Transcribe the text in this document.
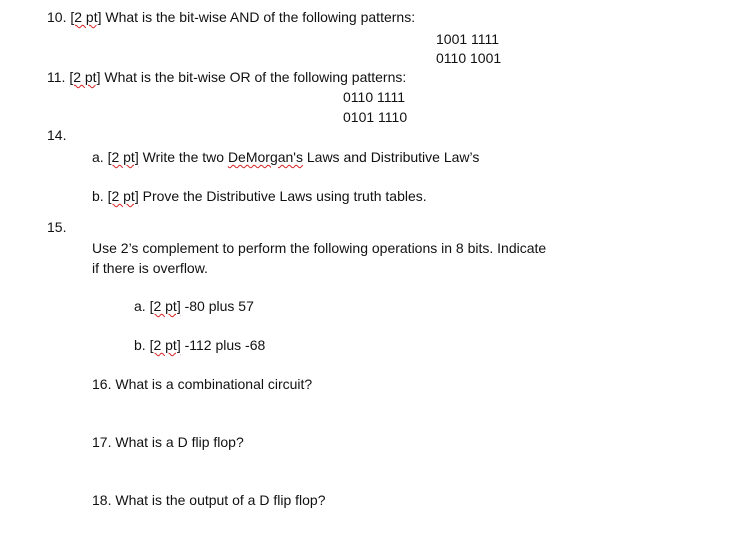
10. [2 pt] What is the bit-wise AND of the following patterns:
1001 1111
0110 1001
11. [2 pt] What is the bit-wise OR of the following patterns:
0110 1111
0101 1110
14.
a. [2 pt] Write the two DeMorgan's Laws and Distributive Law’s
b. [2 pt] Prove the Distributive Laws using truth tables.
15.
Use 2’s complement to perform the following operations in 8 bits. Indicate
if there is overflow.
a. [2 pt] -80 plus 57
b. [2 pt] -112 plus -68
16. What is a combinational circuit?
17. What is a D flip flop?
18. What is the output of a D flip flop?
